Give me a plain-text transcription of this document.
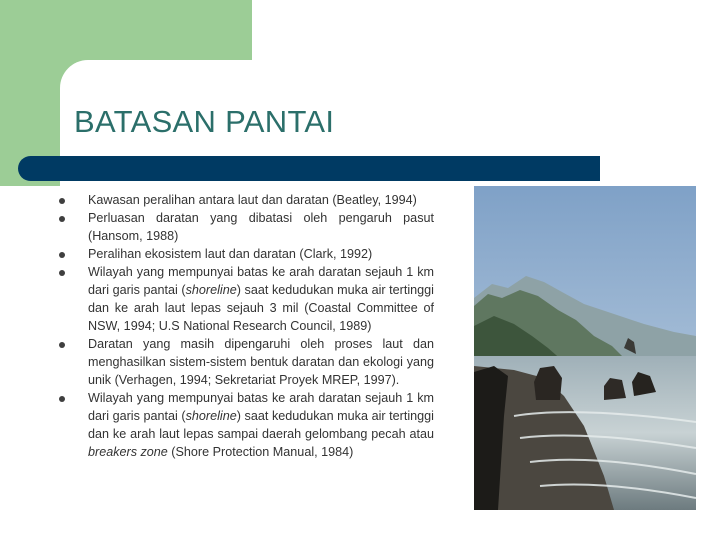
BATASAN PANTAI
Kawasan peralihan antara laut dan daratan (Beatley, 1994)
Perluasan daratan yang dibatasi oleh pengaruh pasut (Hansom, 1988)
Peralihan ekosistem laut dan daratan (Clark, 1992)
Wilayah yang mempunyai batas ke arah daratan sejauh 1 km dari garis pantai (shoreline) saat kedudukan muka air tertinggi dan ke arah laut lepas sejauh 3 mil (Coastal Committee of NSW, 1994; U.S National Research Council, 1989)
Daratan yang masih dipengaruhi oleh proses laut dan menghasilkan sistem-sistem bentuk daratan dan ekologi yang unik (Verhagen, 1994; Sekretariat Proyek MREP, 1997).
Wilayah yang mempunyai batas ke arah daratan sejauh 1 km dari garis pantai (shoreline) saat kedudukan muka air tertinggi dan ke arah laut lepas sampai daerah gelombang pecah atau breakers zone (Shore Protection Manual, 1984)
